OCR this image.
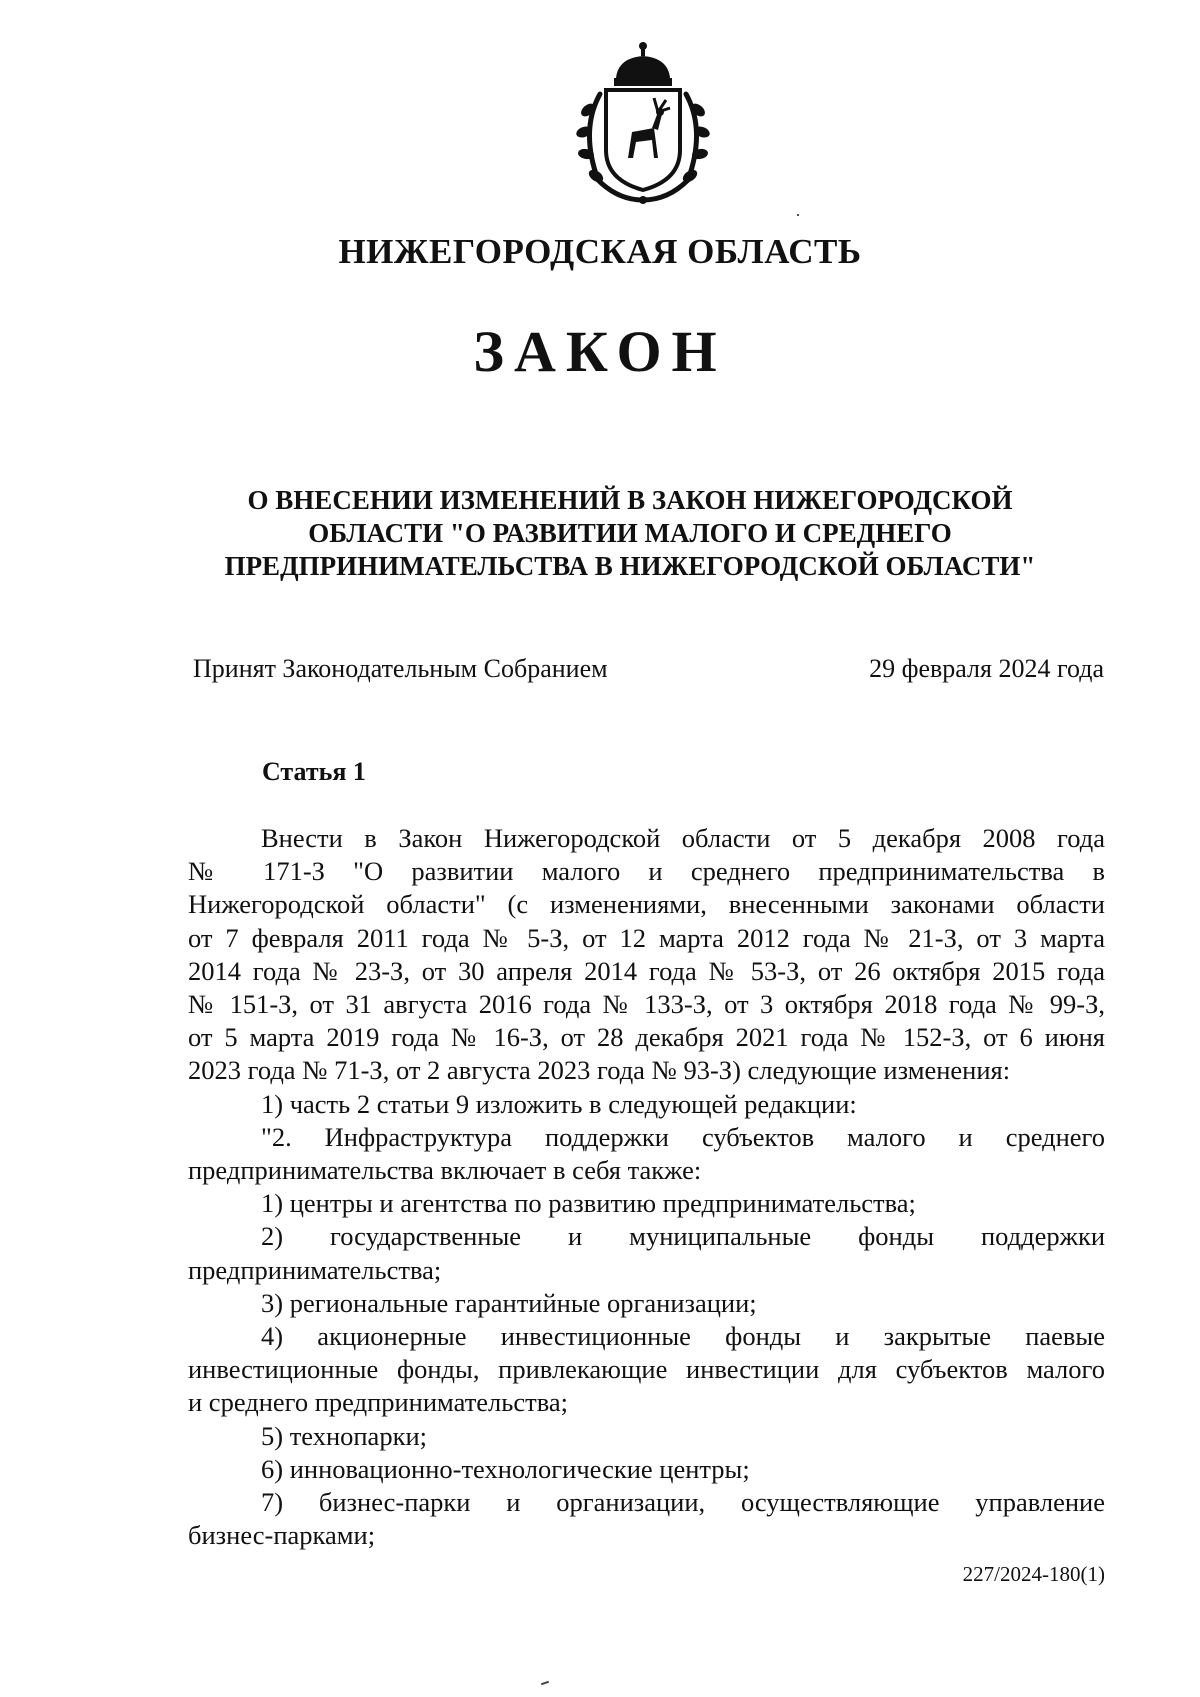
НИЖЕГОРОДСКАЯ ОБЛАСТЬ
ЗАКОН
О ВНЕСЕНИИ ИЗМЕНЕНИЙ В ЗАКОН НИЖЕГОРОДСКОЙ
ОБЛАСТИ "О РАЗВИТИИ МАЛОГО И СРЕДНЕГО
ПРЕДПРИНИМАТЕЛЬСТВА В НИЖЕГОРОДСКОЙ ОБЛАСТИ"
Принят Законодательным Собранием	29 февраля 2024 года
Статья 1

Внести в Закон Нижегородской области от 5 декабря 2008 года
№ 171-З "О развитии малого и среднего предпринимательства в
Нижегородской области" (с изменениями, внесенными законами области
от 7 февраля 2011 года № 5-З, от 12 марта 2012 года № 21-З, от 3 марта
2014 года № 23-З, от 30 апреля 2014 года № 53-З, от 26 октября 2015 года
№ 151-З, от 31 августа 2016 года № 133-З, от 3 октября 2018 года № 99-З,
от 5 марта 2019 года № 16-З, от 28 декабря 2021 года № 152-З, от 6 июня
2023 года № 71-З, от 2 августа 2023 года № 93-З) следующие изменения:

1) часть 2 статьи 9 изложить в следующей редакции:

"2. Инфраструктура поддержки субъектов малого и среднего
предпринимательства включает в себя также:

1) центры и агентства по развитию предпринимательства;

2) государственные и муниципальные фонды поддержки
предпринимательства;

3) региональные гарантийные организации;

4) акционерные инвестиционные фонды и закрытые паевые
инвестиционные фонды, привлекающие инвестиции для субъектов малого
и среднего предпринимательства;

5) технопарки;

6) инновационно-технологические центры;

7) бизнес-парки и организации, осуществляющие управление
бизнес-парками;

227/2024-180(1)
